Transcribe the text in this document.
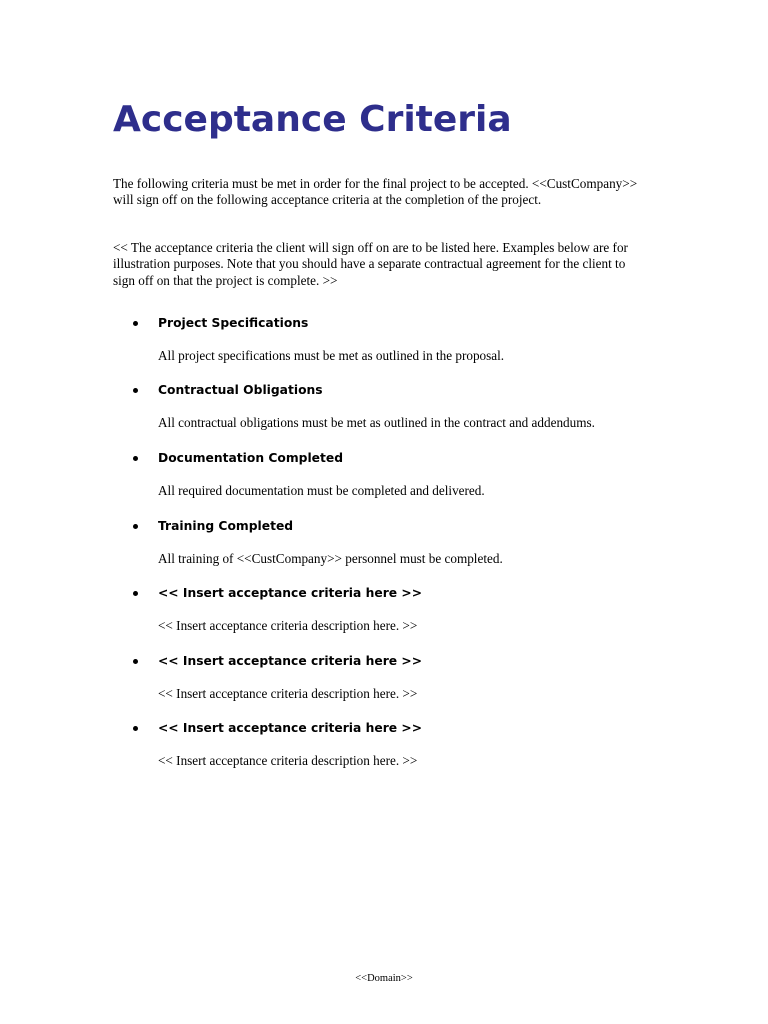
Acceptance Criteria

The following criteria must be met in order for the final project to be accepted. <<CustCompany>> will sign off on the following acceptance criteria at the completion of the project.

<< The acceptance criteria the client will sign off on are to be listed here. Examples below are for illustration purposes. Note that you should have a separate contractual agreement for the client to sign off on that the project is complete. >>

Project Specifications
All project specifications must be met as outlined in the proposal.
Contractual Obligations
All contractual obligations must be met as outlined in the contract and addendums.
Documentation Completed
All required documentation must be completed and delivered.
Training Completed
All training of <<CustCompany>> personnel must be completed.
<< Insert acceptance criteria here >>
<< Insert acceptance criteria description here. >>
<< Insert acceptance criteria here >>
<< Insert acceptance criteria description here. >>
<< Insert acceptance criteria here >>
<< Insert acceptance criteria description here. >>
<<Domain>>
